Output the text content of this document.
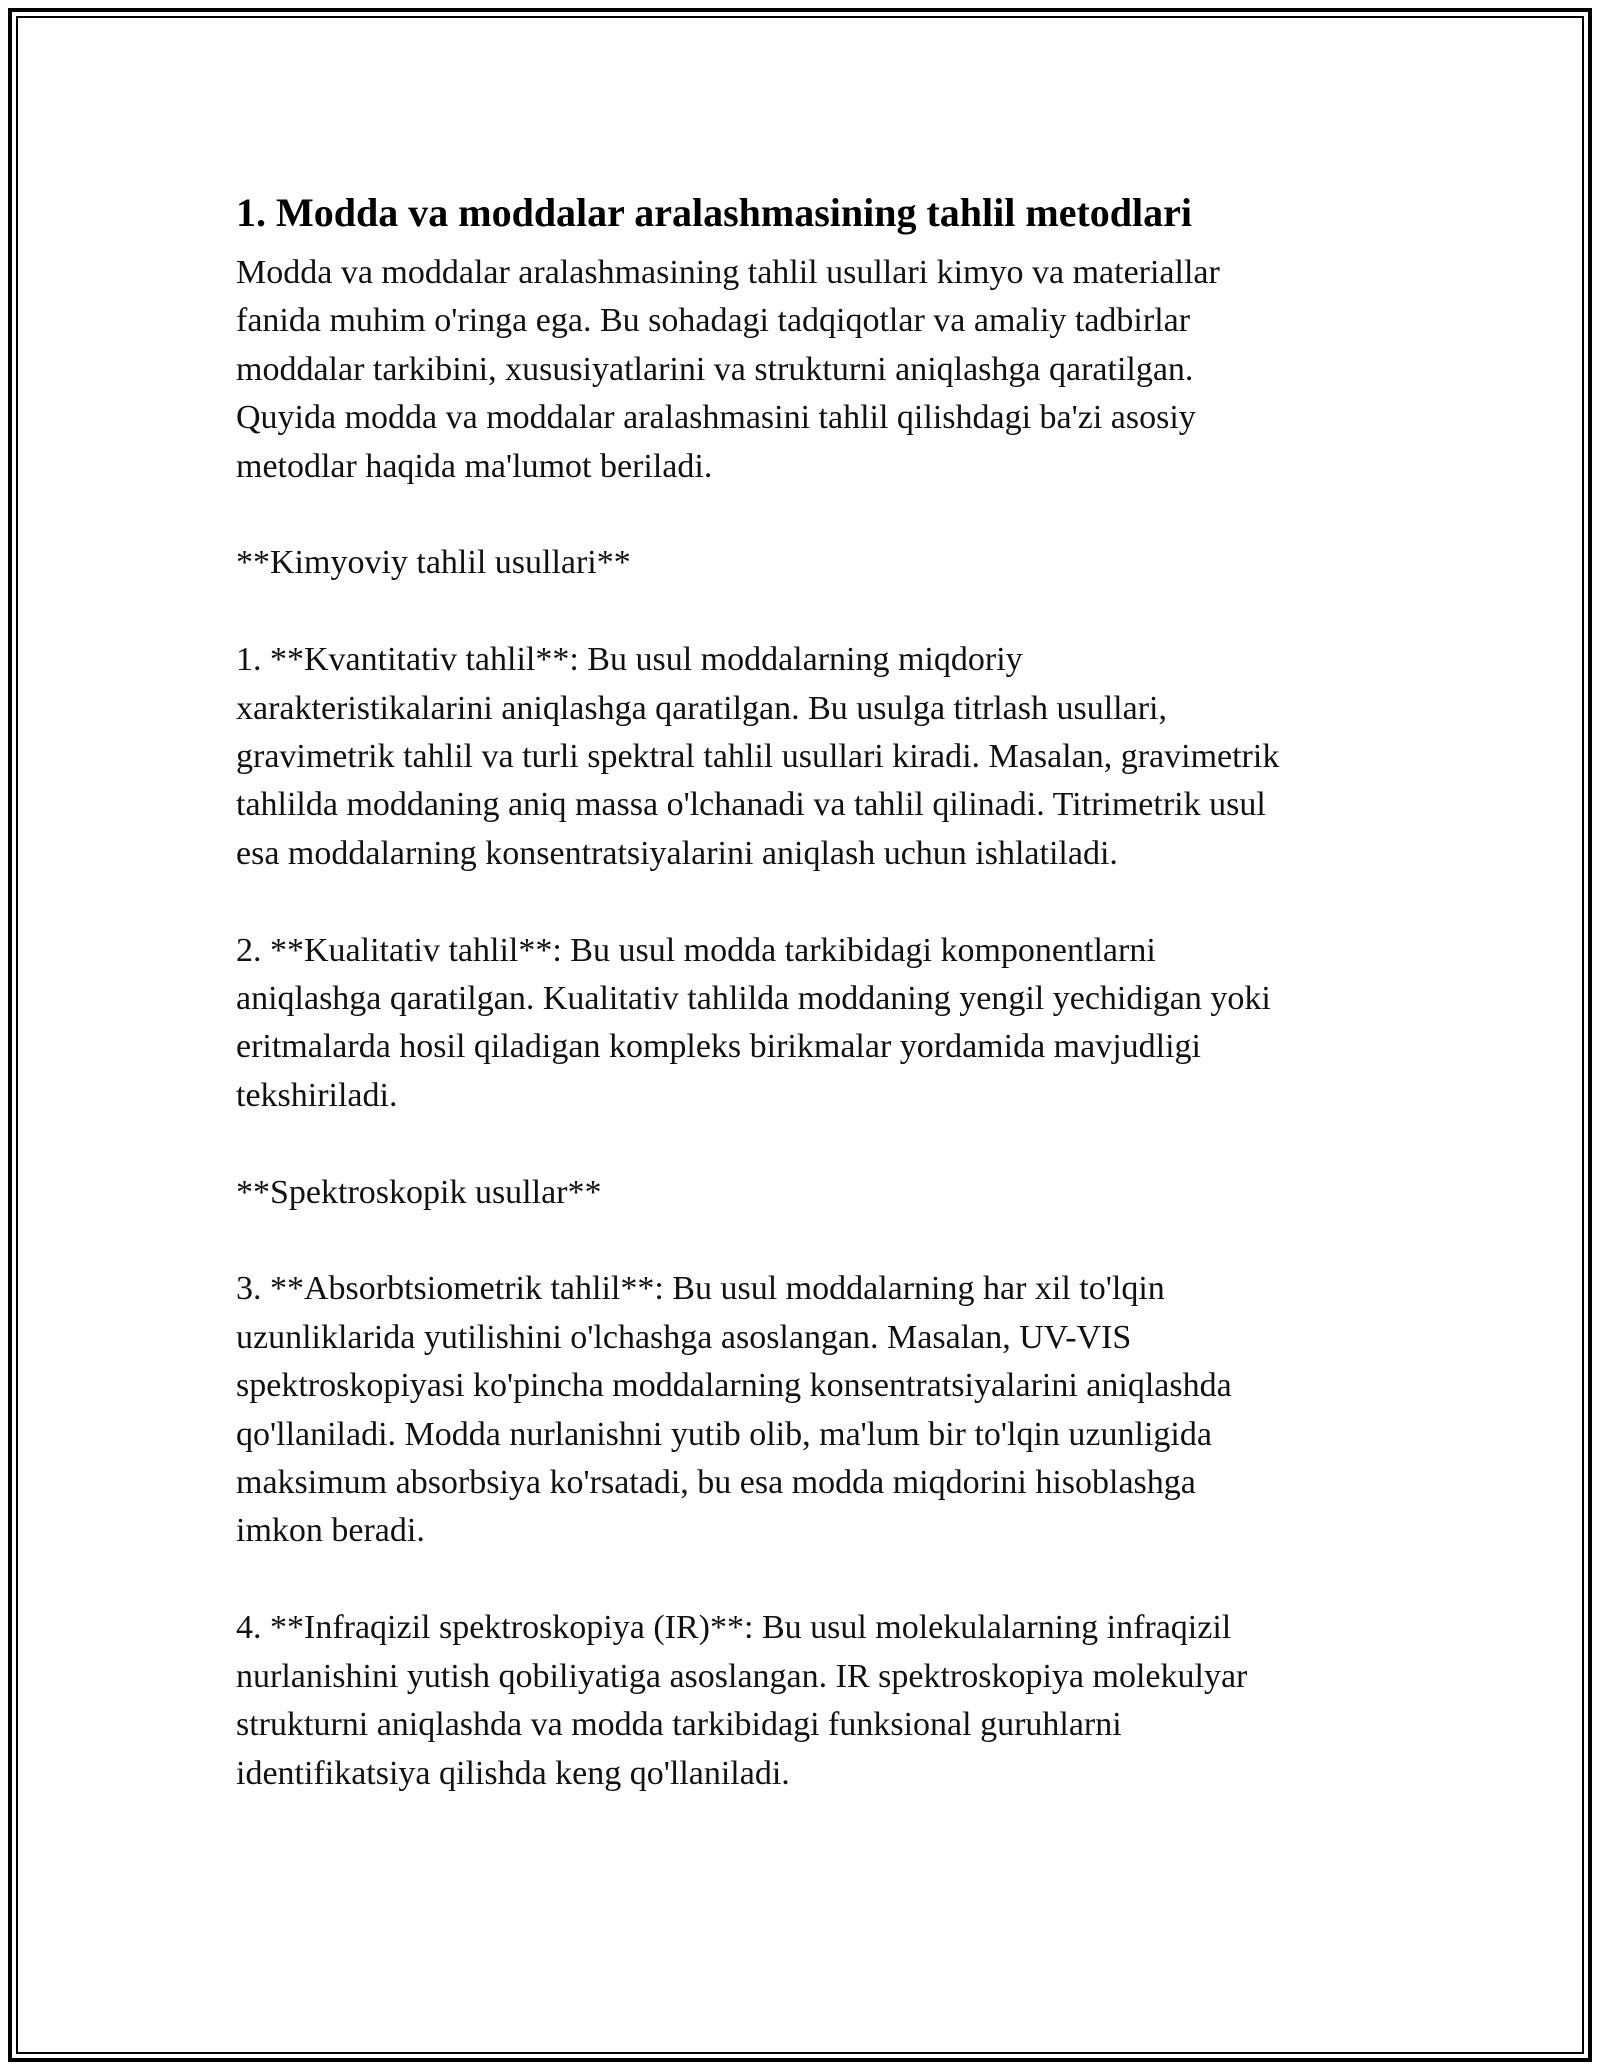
1. Modda va moddalar aralashmasining tahlil metodlari

Modda va moddalar aralashmasining tahlil usullari kimyo va materiallar
fanida muhim o'ringa ega. Bu sohadagi tadqiqotlar va amaliy tadbirlar
moddalar tarkibini, xususiyatlarini va strukturni aniqlashga qaratilgan.
Quyida modda va moddalar aralashmasini tahlil qilishdagi ba'zi asosiy
metodlar haqida ma'lumot beriladi.

**Kimyoviy tahlil usullari**

1. **Kvantitativ tahlil**: Bu usul moddalarning miqdoriy
xarakteristikalarini aniqlashga qaratilgan. Bu usulga titrlash usullari,
gravimetrik tahlil va turli spektral tahlil usullari kiradi. Masalan, gravimetrik
tahlilda moddaning aniq massa o'lchanadi va tahlil qilinadi. Titrimetrik usul
esa moddalarning konsentratsiyalarini aniqlash uchun ishlatiladi.

2. **Kualitativ tahlil**: Bu usul modda tarkibidagi komponentlarni
aniqlashga qaratilgan. Kualitativ tahlilda moddaning yengil yechidigan yoki
eritmalarda hosil qiladigan kompleks birikmalar yordamida mavjudligi
tekshiriladi.

**Spektroskopik usullar**

3. **Absorbtsiometrik tahlil**: Bu usul moddalarning har xil to'lqin
uzunliklarida yutilishini o'lchashga asoslangan. Masalan, UV-VIS
spektroskopiyasi ko'pincha moddalarning konsentratsiyalarini aniqlashda
qo'llaniladi. Modda nurlanishni yutib olib, ma'lum bir to'lqin uzunligida
maksimum absorbsiya ko'rsatadi, bu esa modda miqdorini hisoblashga
imkon beradi.

4. **Infraqizil spektroskopiya (IR)**: Bu usul molekulalarning infraqizil
nurlanishini yutish qobiliyatiga asoslangan. IR spektroskopiya molekulyar
strukturni aniqlashda va modda tarkibidagi funksional guruhlarni
identifikatsiya qilishda keng qo'llaniladi.
